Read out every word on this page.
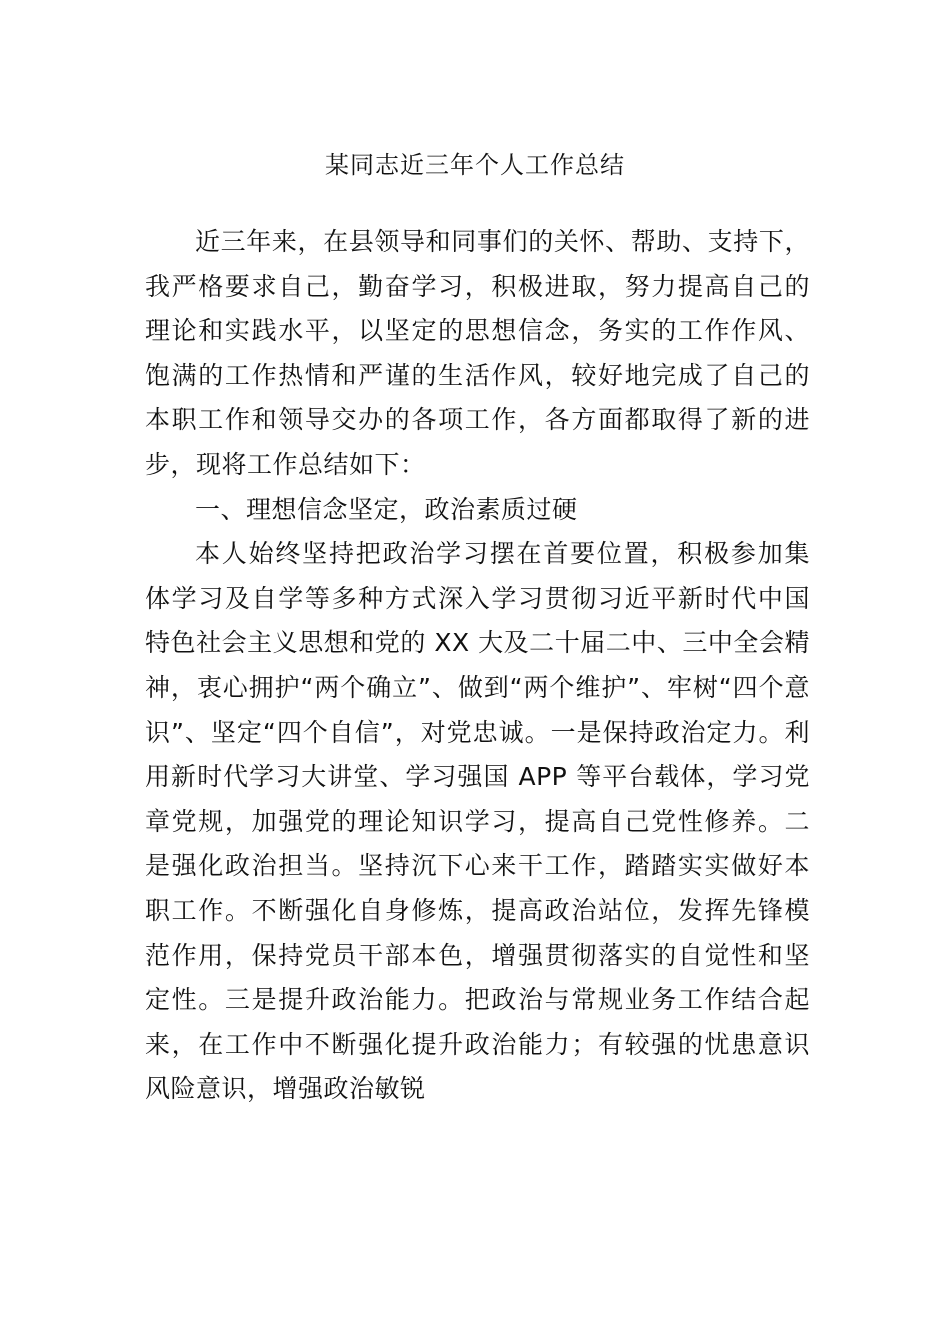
某同志近三年个人工作总结
近三年来，在县领导和同事们的关怀、帮助、支持下，
我严格要求自己，勤奋学习，积极进取，努力提高自己的
理论和实践水平，以坚定的思想信念，务实的工作作风、
饱满的工作热情和严谨的生活作风，较好地完成了自己的
本职工作和领导交办的各项工作，各方面都取得了新的进
步，现将工作总结如下：
一、理想信念坚定，政治素质过硬
本人始终坚持把政治学习摆在首要位置，积极参加集
体学习及自学等多种方式深入学习贯彻习近平新时代中国
特色社会主义思想和党的 XX 大及二十届二中、三中全会精
神，衷心拥护“两个确立”、做到“两个维护”、牢树“四个意
识”、坚定“四个自信”，对党忠诚。一是保持政治定力。利
用新时代学习大讲堂、学习强国 APP 等平台载体，学习党
章党规，加强党的理论知识学习，提高自己党性修养。二
是强化政治担当。坚持沉下心来干工作，踏踏实实做好本
职工作。不断强化自身修炼，提高政治站位，发挥先锋模
范作用，保持党员干部本色，增强贯彻落实的自觉性和坚
定性。三是提升政治能力。把政治与常规业务工作结合起
来，在工作中不断强化提升政治能力；有较强的忧患意识
风险意识，增强政治敏锐
